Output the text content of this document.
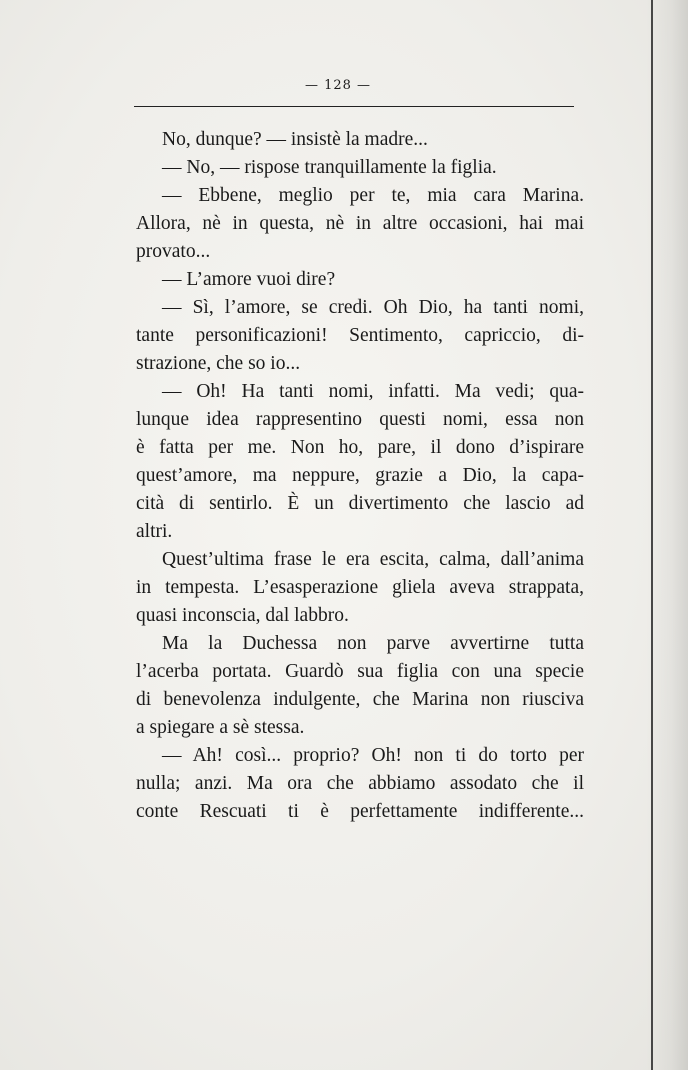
— 128 —
No, dunque? — insistè la madre...
— No, — rispose tranquillamente la figlia.
— Ebbene, meglio per te, mia cara Marina.
Allora, nè in questa, nè in altre occasioni, hai mai
provato...
— L’amore vuoi dire?
— Sì, l’amore, se credi. Oh Dio, ha tanti nomi,
tante personificazioni! Sentimento, capriccio, di-
strazione, che so io...
— Oh! Ha tanti nomi, infatti. Ma vedi; qua-
lunque idea rappresentino questi nomi, essa non
è fatta per me. Non ho, pare, il dono d’ispirare
quest’amore, ma neppure, grazie a Dio, la capa-
cità di sentirlo. È un divertimento che lascio ad
altri.
Quest’ultima frase le era escita, calma, dall’anima
in tempesta. L’esasperazione gliela aveva strappata,
quasi inconscia, dal labbro.
Ma la Duchessa non parve avvertirne tutta
l’acerba portata. Guardò sua figlia con una specie
di benevolenza indulgente, che Marina non riusciva
a spiegare a sè stessa.
— Ah! così... proprio? Oh! non ti do torto per
nulla; anzi. Ma ora che abbiamo assodato che il
conte Rescuati ti è perfettamente indifferente...
